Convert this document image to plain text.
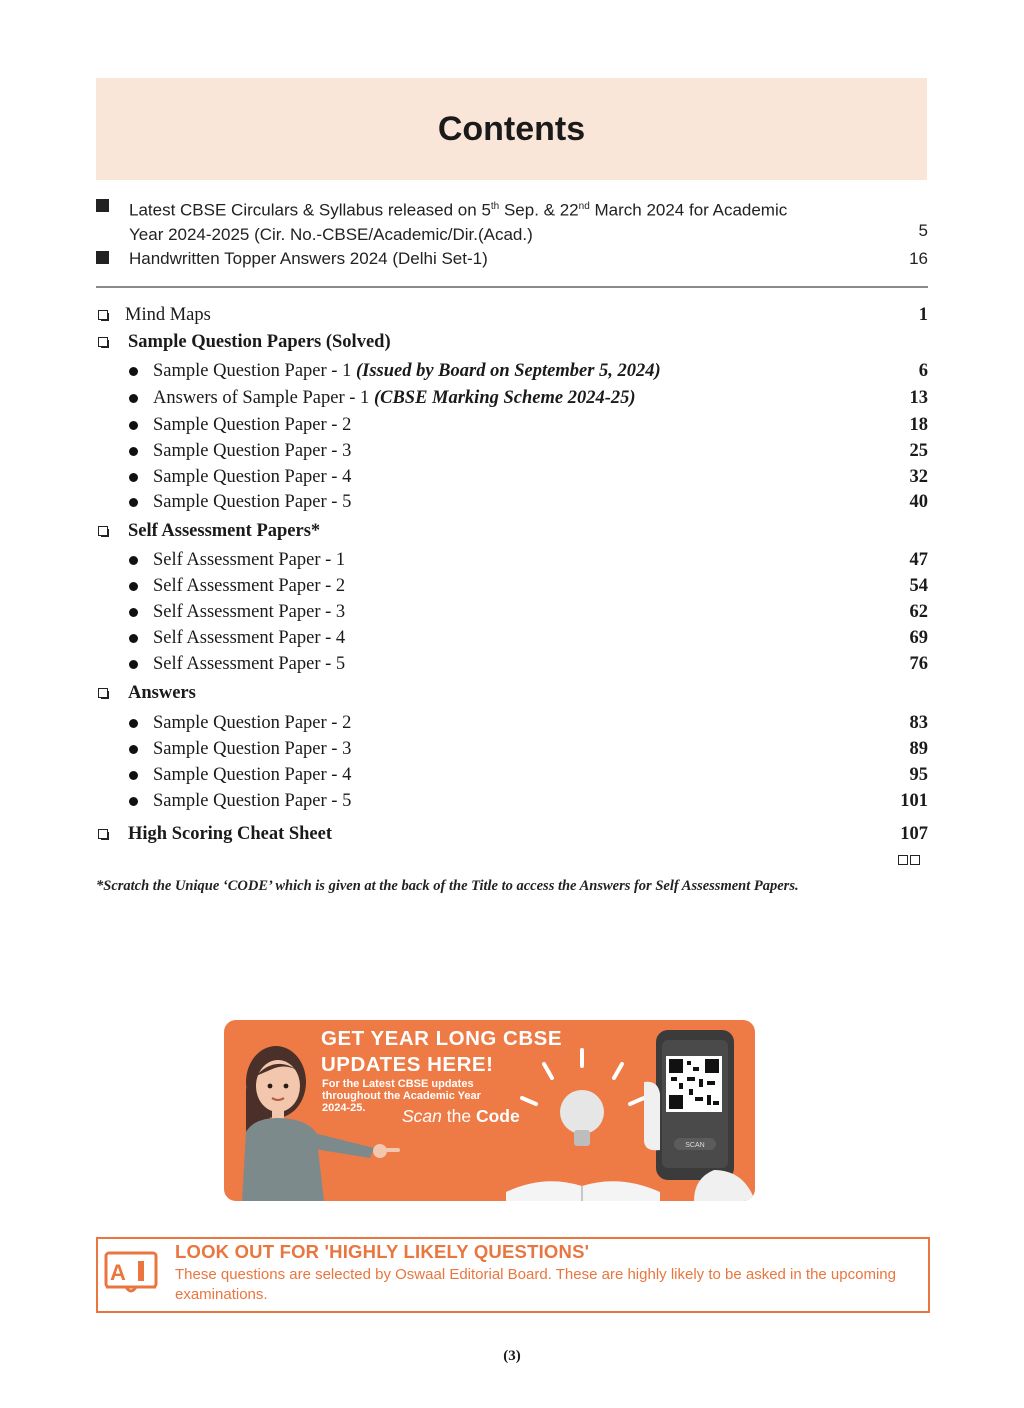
Contents
Latest CBSE Circulars & Syllabus released on 5th Sep. & 22nd March 2024 for Academic
Year 2024-2025 (Cir. No.-CBSE/Academic/Dir.(Acad.)	5
Handwritten Topper Answers 2024 (Delhi Set-1)	16
Mind Maps	1
Sample Question Papers (Solved)
Sample Question Paper - 1 (Issued by Board on September 5, 2024)	6
Answers of Sample Paper - 1 (CBSE Marking Scheme 2024-25)	13
Sample Question Paper - 2	18
Sample Question Paper - 3	25
Sample Question Paper - 4	32
Sample Question Paper - 5	40
Self Assessment Papers*
Self Assessment Paper - 1	47
Self Assessment Paper - 2	54
Self Assessment Paper - 3	62
Self Assessment Paper - 4	69
Self Assessment Paper - 5	76
Answers
Sample Question Paper - 2	83
Sample Question Paper - 3	89
Sample Question Paper - 4	95
Sample Question Paper - 5	101
High Scoring Cheat Sheet	107
*Scratch the Unique ‘CODE’ which is given at the back of the Title to access the Answers for Self Assessment Papers.
SCAN
GET YEAR LONG CBSE
UPDATES HERE!
For the Latest CBSE updates
throughout the Academic Year
2024-25.	Scan the Code
A
LOOK OUT FOR 'HIGHLY LIKELY QUESTIONS'
These questions are selected by Oswaal Editorial Board. These are highly likely to be asked in the upcoming examinations.
(3)
